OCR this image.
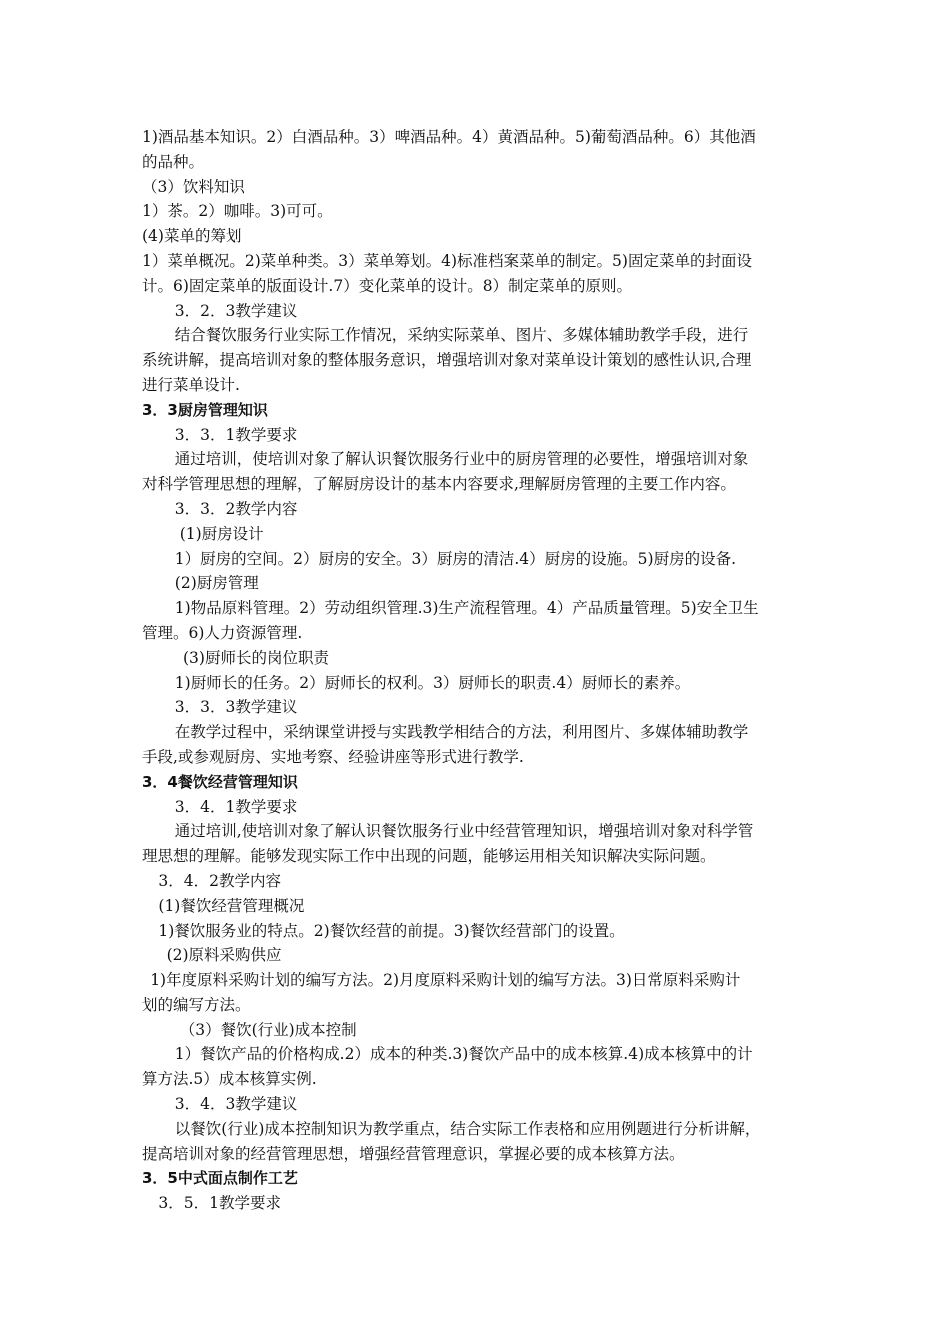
1)酒品基本知识。2）白酒品种。3）啤酒品种。4）黄酒品种。5)葡萄酒品种。6）其他酒
的品种。
（3）饮料知识
1）茶。2）咖啡。3)可可。
(4)菜单的筹划
1）菜单概况。2)菜单种类。3）菜单筹划。4)标准档案菜单的制定。5)固定菜单的封面设
计。6)固定菜单的版面设计.7）变化菜单的设计。8）制定菜单的原则。
3．2．3教学建议
结合餐饮服务行业实际工作情况，采纳实际菜单、图片、多媒体辅助教学手段，进行
系统讲解，提高培训对象的整体服务意识，增强培训对象对菜单设计策划的感性认识,合理
进行菜单设计.
3．3厨房管理知识
3．3．1教学要求
通过培训，使培训对象了解认识餐饮服务行业中的厨房管理的必要性，增强培训对象
对科学管理思想的理解，了解厨房设计的基本内容要求,理解厨房管理的主要工作内容。
3．3．2教学内容
(1)厨房设计
1）厨房的空间。2）厨房的安全。3）厨房的清洁.4）厨房的设施。5)厨房的设备.
(2)厨房管理
1)物品原料管理。2）劳动组织管理.3)生产流程管理。4）产品质量管理。5)安全卫生
管理。6)人力资源管理.
(3)厨师长的岗位职责
1)厨师长的任务。2）厨师长的权利。3）厨师长的职责.4）厨师长的素养。
3．3．3教学建议
在教学过程中，采纳课堂讲授与实践教学相结合的方法，利用图片、多媒体辅助教学
手段,或参观厨房、实地考察、经验讲座等形式进行教学.
3．4餐饮经营管理知识
3．4．1教学要求
通过培训,使培训对象了解认识餐饮服务行业中经营管理知识，增强培训对象对科学管
理思想的理解。能够发现实际工作中出现的问题，能够运用相关知识解决实际问题。
3．4．2教学内容
(1)餐饮经营管理概况
1)餐饮服务业的特点。2)餐饮经营的前提。3)餐饮经营部门的设置。
(2)原料采购供应
1)年度原料采购计划的编写方法。2)月度原料采购计划的编写方法。3)日常原料采购计
划的编写方法。
（3）餐饮(行业)成本控制
1）餐饮产品的价格构成.2）成本的种类.3)餐饮产品中的成本核算.4)成本核算中的计
算方法.5）成本核算实例.
3．4．3教学建议
以餐饮(行业)成本控制知识为教学重点，结合实际工作表格和应用例题进行分析讲解，
提高培训对象的经营管理思想，增强经营管理意识，掌握必要的成本核算方法。
3．5中式面点制作工艺
3．5．1教学要求
